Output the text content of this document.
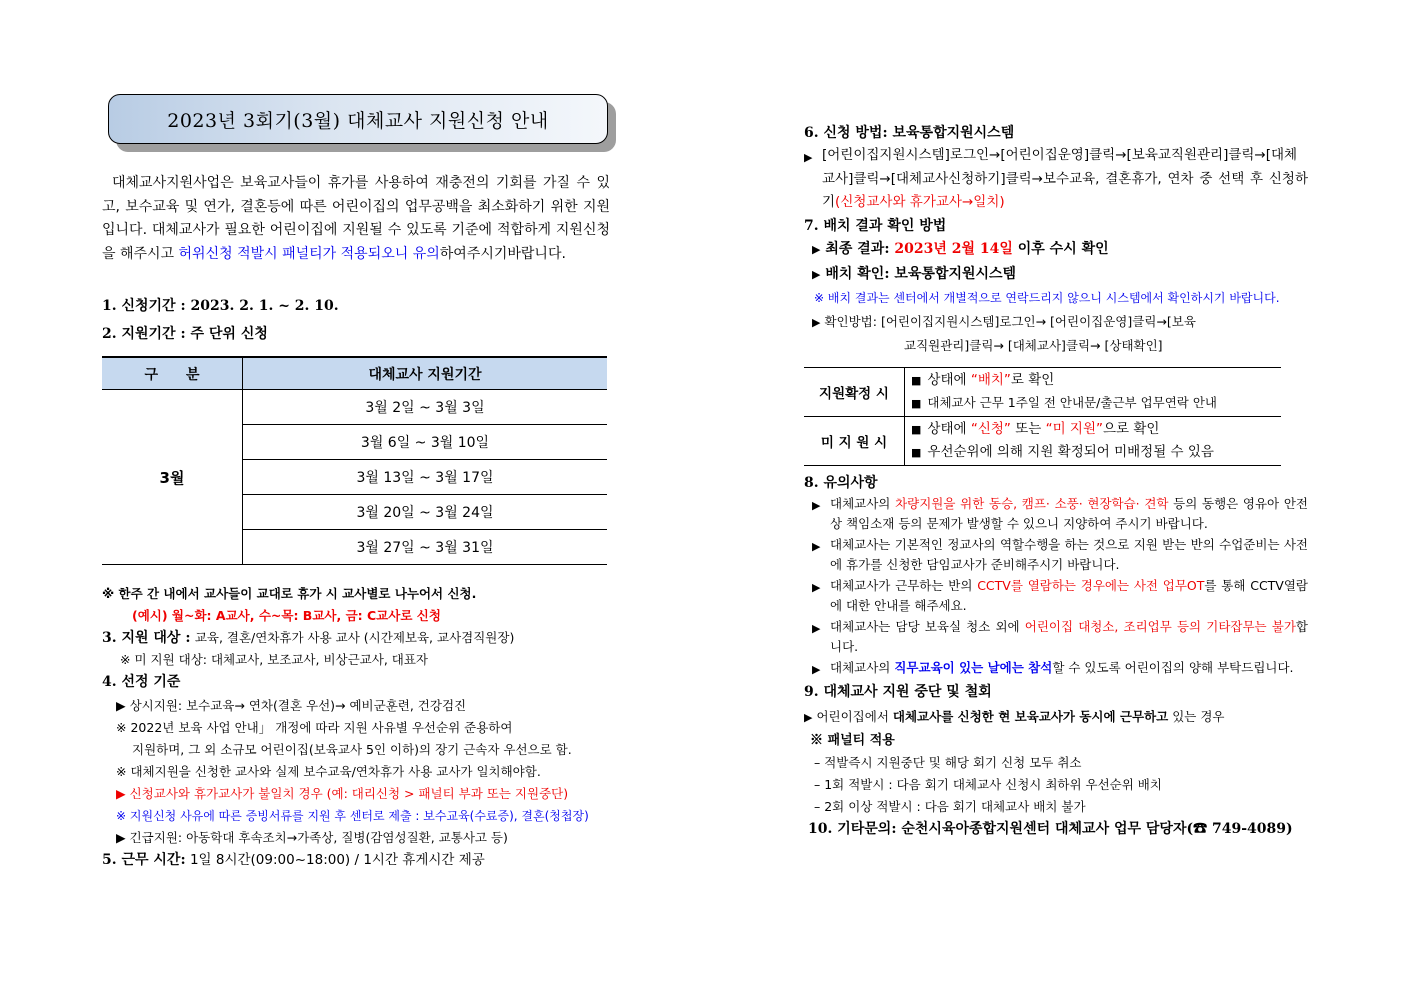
2023년 3회기(3월) 대체교사 지원신청 안내
대체교사지원사업은 보육교사들이 휴가를 사용하여 재충전의 기회를 가질 수 있고, 보수교육 및 연가, 결혼등에 따른 어린이집의 업무공백을 최소화하기 위한 지원입니다. 대체교사가 필요한 어린이집에 지원될 수 있도록 기준에 적합하게 지원신청을 해주시고 허위신청 적발시 패널티가 적용되오니 유의하여주시기바랍니다.
1. 신청기간 : 2023. 2. 1. ~ 2. 10.
2. 지원기간 : 주 단위 신청
구　　분	대체교사 지원기간
3월	3월 2일 ~ 3월 3일
	3월 6일 ~ 3월 10일
	3월 13일 ~ 3월 17일
	3월 20일 ~ 3월 24일
	3월 27일 ~ 3월 31일
※ 한주 간 내에서 교사들이 교대로 휴가 시 교사별로 나누어서 신청.
(예시) 월~화: A교사, 수~목: B교사, 금: C교사로 신청
3. 지원 대상 : 교육, 결혼/연차휴가 사용 교사 (시간제보육, 교사겸직원장)
※ 미 지원 대상: 대체교사, 보조교사, 비상근교사, 대표자
4. 선정 기준
▶ 상시지원: 보수교육→ 연차(결혼 우선)→ 예비군훈련, 건강검진
※ 2022년 보육 사업 안내」 개정에 따라 지원 사유별 우선순위 준용하여
지원하며, 그 외 소규모 어린이집(보육교사 5인 이하)의 장기 근속자 우선으로 함.
※ 대체지원을 신청한 교사와 실제 보수교육/연차휴가 사용 교사가 일치해야함.
▶ 신청교사와 휴가교사가 불일치 경우 (예: 대리신청 > 패널티 부과 또는 지원중단)
※ 지원신청 사유에 따른 증빙서류를 지원 후 센터로 제출 : 보수교육(수료증), 결혼(청첩장)
▶ 긴급지원: 아동학대 후속조치→가족상, 질병(감염성질환, 교통사고 등)
5. 근무 시간: 1일 8시간(09:00~18:00) / 1시간 휴게시간 제공
6. 신청 방법: 보육통합지원시스템
▶ [어린이집지원시스템]로그인→[어린이집운영]클릭→[보육교직원관리]클릭→[대체교사]클릭→[대체교사신청하기]클릭→보수교육, 결혼휴가, 연차 중 선택 후 신청하기(신청교사와 휴가교사→일치)
7. 배치 결과 확인 방법
▶ 최종 결과: 2023년 2월 14일 이후 수시 확인
▶ 배치 확인: 보육통합지원시스템
※ 배치 결과는 센터에서 개별적으로 연락드리지 않으니 시스템에서 확인하시기 바랍니다.
▶ 확인방법: [어린이집지원시스템]로그인→ [어린이집운영]클릭→[보육
교직원관리]클릭→ [대체교사]클릭→ [상태확인]
지원확정 시	■ 상태에 “배치”로 확인
■ 대체교사 근무 1주일 전 안내문/출근부 업무연락 안내

미 지 원 시	■ 상태에 “신청” 또는 “미 지원”으로 확인
■ 우선순위에 의해 지원 확정되어 미배정될 수 있음
8. 유의사항
▶ 대체교사의 차량지원을 위한 동승, 캠프· 소풍· 현장학습· 견학 등의 동행은 영유아 안전상 책임소재 등의 문제가 발생할 수 있으니 지양하여 주시기 바랍니다.
▶ 대체교사는 기본적인 정교사의 역할수행을 하는 것으로 지원 받는 반의 수업준비는 사전에 휴가를 신청한 담임교사가 준비해주시기 바랍니다.
▶ 대체교사가 근무하는 반의 CCTV를 열람하는 경우에는 사전 업무OT를 통해 CCTV열람에 대한 안내를 해주세요.
▶ 대체교사는 담당 보육실 청소 외에 어린이집 대청소, 조리업무 등의 기타잡무는 불가합니다.
▶ 대체교사의 직무교육이 있는 날에는 참석할 수 있도록 어린이집의 양해 부탁드립니다.
9. 대체교사 지원 중단 및 철회
▶ 어린이집에서 대체교사를 신청한 현 보육교사가 동시에 근무하고 있는 경우
※ 패널티 적용
– 적발즉시 지원중단 및 해당 회기 신청 모두 취소
– 1회 적발시 : 다음 회기 대체교사 신청시 최하위 우선순위 배치
– 2회 이상 적발시 : 다음 회기 대체교사 배치 불가
10. 기타문의: 순천시육아종합지원센터 대체교사 업무 담당자(☎ 749-4089)
